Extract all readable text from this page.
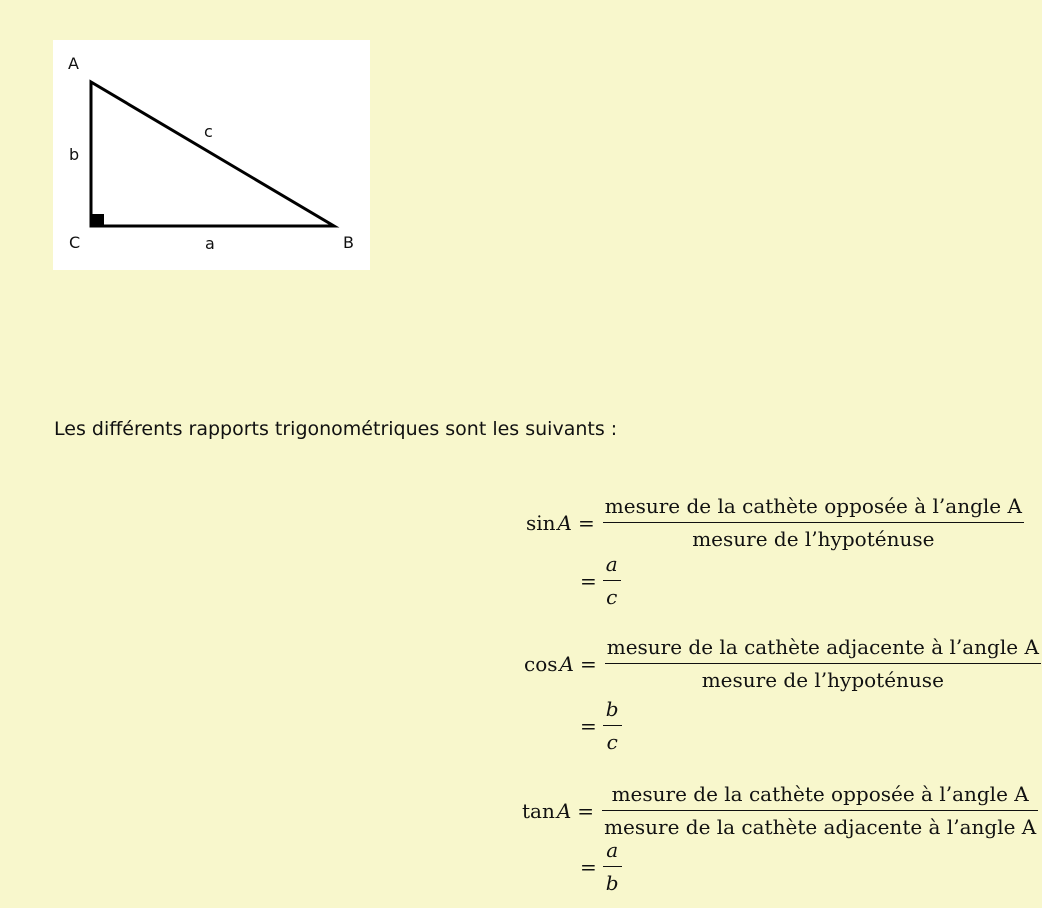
A
b
c
C	a	B
Les différents rapports trigonométriques sont les suivants :
sin  $A = \frac{\text{mesure de la cathète opposée à l’angle A}}{\text{mesure de l’hypoténuse}}$
= $\frac{a}{c}$
cos  $A = \frac{\text{mesure de la cathète adjacente à l’angle A}}{\text{mesure de l’hypoténuse}}$
= $\frac{b}{c}$
tan  $A = \frac{\text{mesure de la cathète opposée à l’angle A}}{\text{mesure de la cathète adjacente à l’angle A}}$
= $\frac{a}{b}$
